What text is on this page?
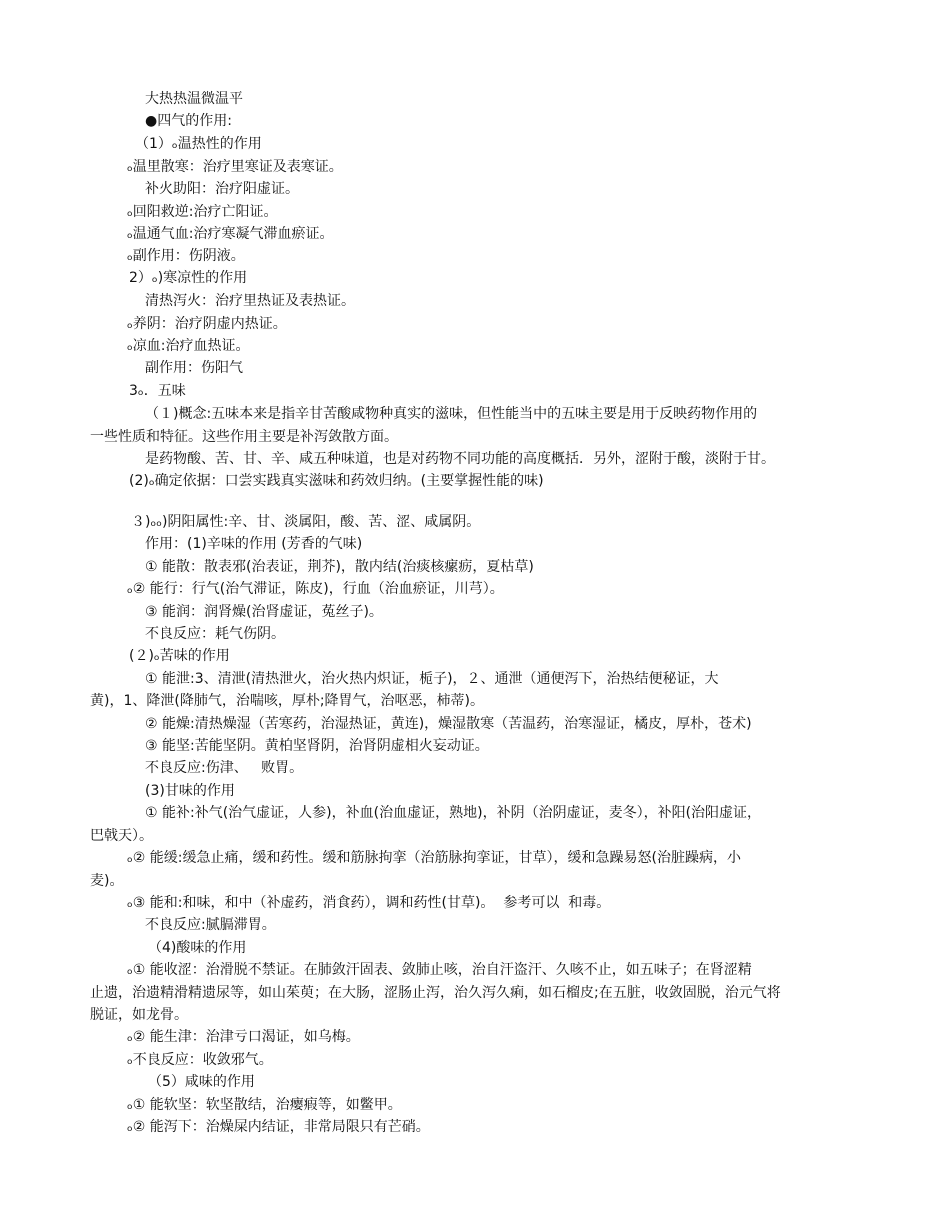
大热热温微温平
●四气的作用:
（1）ₒ温热性的作用
ₒ温里散寒：治疗里寒证及表寒证。
补火助阳：治疗阳虚证。
ₒ回阳救逆:治疗亡阳证。
ₒ温通气血:治疗寒凝气滞血瘀证。
ₒ副作用：伤阴液。
2）ₒ)寒凉性的作用
清热泻火：治疗里热证及表热证。
ₒ养阴：治疗阴虚内热证。
ₒ凉血:治疗血热证。
副作用：伤阳气
3ₒ．五味
（１)概念:五味本来是指辛甘苦酸咸物种真实的滋味，但性能当中的五味主要是用于反映药物作用的
一些性质和特征。这些作用主要是补泻敛散方面。
是药物酸、苦、甘、辛、咸五种味道，也是对药物不同功能的高度概括．另外，涩附于酸，淡附于甘。
(2)ₒ确定依据：口尝实践真实滋味和药效归纳。(主要掌握性能的味)
３)ₒₒ)阴阳属性:辛、甘、淡属阳，酸、苦、涩、咸属阴。
作用：(1)辛味的作用 (芳香的气味)
① 能散：散表邪(治表证，荆芥)，散内结(治痰核瘰疬，夏枯草)
ₒ② 能行：行气(治气滞证，陈皮)，行血（治血瘀证，川芎）。
③ 能润：润肾燥(治肾虚证，菟丝子)。
不良反应：耗气伤阴。
(２)ₒ苦味的作用
① 能泄:3、清泄(清热泄火，治火热内炽证，栀子)，２、通泄（通便泻下，治热结便秘证，大
黄)，1、降泄(降肺气，治喘咳，厚朴;降胃气，治呕恶，柿蒂)。
② 能燥:清热燥湿（苦寒药，治湿热证，黄连)，燥湿散寒（苦温药，治寒湿证，橘皮，厚朴，苍术)
③ 能坚:苦能坚阴。黄柏坚肾阴，治肾阴虚相火妄动证。
不良反应:伤津、   败胃。
(3)甘味的作用
① 能补:补气(治气虚证，人参)，补血(治血虚证，熟地)，补阴（治阴虚证，麦冬），补阳(治阳虚证，
巴戟天）。
ₒ② 能缓:缓急止痛，缓和药性。缓和筋脉拘挛（治筋脉拘挛证，甘草），缓和急躁易怒(治脏躁病，小
麦)。
ₒ③ 能和:和味，和中（补虚药，消食药），调和药性(甘草)。  参考可以  和毒。
不良反应:腻膈滞胃。
（4)酸味的作用
ₒ① 能收涩：治滑脱不禁证。在肺敛汗固表、敛肺止咳，治自汗盗汗、久咳不止，如五味子；在肾涩精
止遗，治遗精滑精遗尿等，如山茱萸；在大肠，涩肠止泻，治久泻久痢，如石榴皮;在五脏，收敛固脱，治元气将
脱证，如龙骨。
ₒ② 能生津：治津亏口渴证，如乌梅。
ₒ不良反应：收敛邪气。
（5）咸味的作用
ₒ① 能软坚：软坚散结，治瘿瘕等，如鳖甲。
ₒ② 能泻下：治燥屎内结证，非常局限只有芒硝。
